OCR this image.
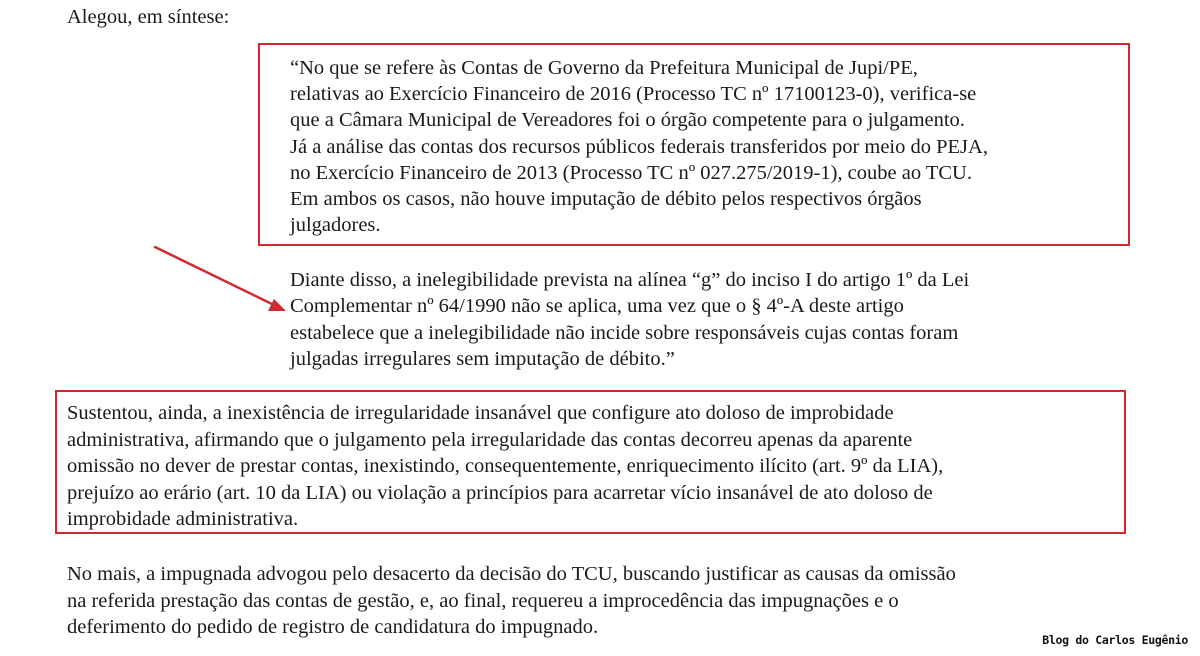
Alegou, em síntese:
“No que se refere às Contas de Governo da Prefeitura Municipal de Jupi/PE,
relativas ao Exercício Financeiro de 2016 (Processo TC nº 17100123-0), verifica-se
que a Câmara Municipal de Vereadores foi o órgão competente para o julgamento.
Já a análise das contas dos recursos públicos federais transferidos por meio do PEJA,
no Exercício Financeiro de 2013 (Processo TC nº 027.275/2019-1), coube ao TCU.
Em ambos os casos, não houve imputação de débito pelos respectivos órgãos
julgadores.
Diante disso, a inelegibilidade prevista na alínea “g” do inciso I do artigo 1º da Lei
Complementar nº 64/1990 não se aplica, uma vez que o § 4º-A deste artigo
estabelece que a inelegibilidade não incide sobre responsáveis cujas contas foram
julgadas irregulares sem imputação de débito.”
Sustentou, ainda, a inexistência de irregularidade insanável que configure ato doloso de improbidade
administrativa, afirmando que o julgamento pela irregularidade das contas decorreu apenas da aparente
omissão no dever de prestar contas, inexistindo, consequentemente, enriquecimento ilícito (art. 9º da LIA),
prejuízo ao erário (art. 10 da LIA) ou violação a princípios para acarretar vício insanável de ato doloso de
improbidade administrativa.
No mais, a impugnada advogou pelo desacerto da decisão do TCU, buscando justificar as causas da omissão
na referida prestação das contas de gestão, e, ao final, requereu a improcedência das impugnações e o
deferimento do pedido de registro de candidatura do impugnado.
Blog do Carlos Eugênio
